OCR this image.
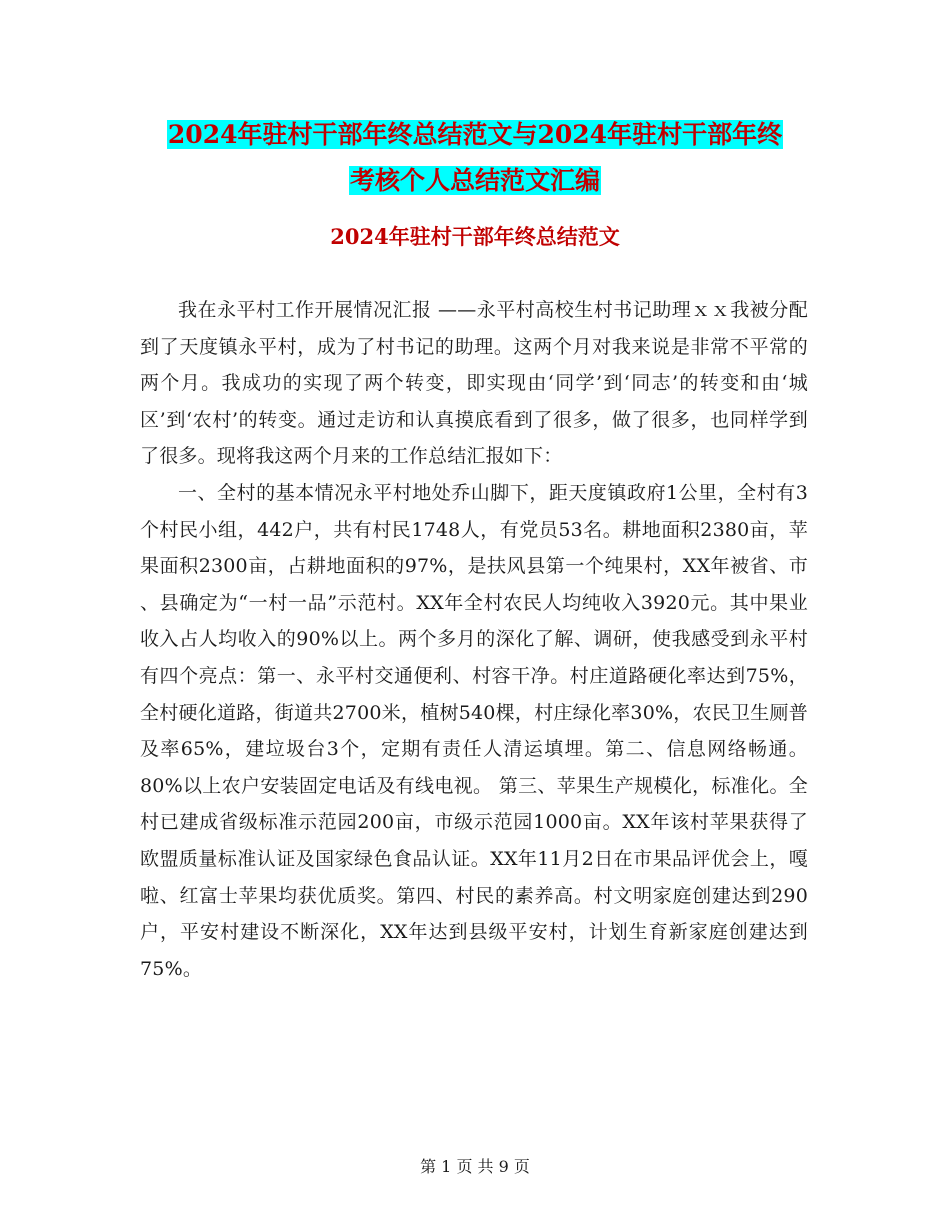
2024年驻村干部年终总结范文与2024年驻村干部年终
考核个人总结范文汇编
2024年驻村干部年终总结范文

我在永平村工作开展情况汇报 ——永平村高校生村书记助理ｘｘ我被分配到了天度镇永平村，成为了村书记的助理。这两个月对我来说是非常不平常的两个月。我成功的实现了两个转变，即实现由‘同学’到‘同志’的转变和由‘城区’到‘农村’的转变。通过走访和认真摸底看到了很多，做了很多，也同样学到了很多。现将我这两个月来的工作总结汇报如下：

一、全村的基本情况永平村地处乔山脚下，距天度镇政府1公里，全村有3个村民小组，442户，共有村民1748人，有党员53名。耕地面积2380亩，苹果面积2300亩，占耕地面积的97%，是扶风县第一个纯果村，XX年被省、市 、县确定为“一村一品”示范村。XX年全村农民人均纯收入3920元。其中果业收入占人均收入的90%以上。两个多月的深化了解、调研，使我感受到永平村有四个亮点：第一、永平村交通便利、村容干净。村庄道路硬化率达到75%，全村硬化道路，街道共2700米，植树540棵，村庄绿化率30%，农民卫生厕普及率65%，建垃圾台3个，定期有责任人清运填埋。第二、信息网络畅通。80%以上农户安装固定电话及有线电视。 第三、苹果生产规模化，标准化。全村已建成省级标准示范园200亩，市级示范园1000亩。XX年该村苹果获得了欧盟质量标准认证及国家绿色食品认证。XX年11月2日在市果品评优会上，嘎啦、红富士苹果均获优质奖。第四、村民的素养高。村文明家庭创建达到290户，平安村建设不断深化，XX年达到县级平安村，计划生育新家庭创建达到75%。

第 1 页 共 9 页
